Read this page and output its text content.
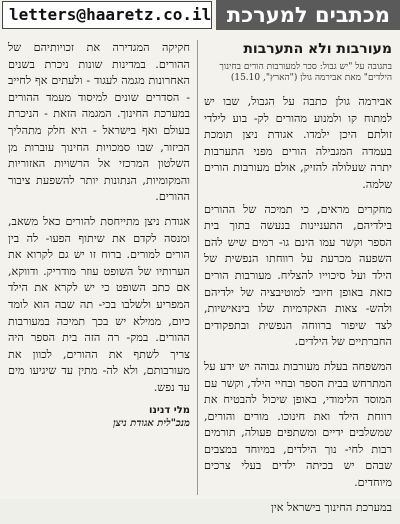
letters@haaretz.co.il מכתבים למערכת
מעורבות ולא התערבות
בתגובה על "יש גבול: סכר למעורבות הורים בחינוך הילדים" מאת אבירמה גולן ("הארץ", 15.10)

אבירמה גולן כתבה על הגבול, שבו יש למתוח קו ולמנוע מהורים לק- בוע לילדי זולתם היכן ילמדו. אגודת ניצן תומכת בעמדה המגבילה הורים מפני התערבות יתרה שעלולה להזיק, אולם מעורבות הורים שלמה.

מחקרים מראים, כי תמיכה של ההורים בילדיהם, התעניינות בנעשה בתוך בית הספר וקשר עמו הינם גו- רמים שיש להם השפעה מכרעת על רווחתו הנפשית של הילד ועל סיכוייו להצליח. מעורבות הורים כזאת באופן חיובי למוטיבציה של ילדיהם ולהש- צאות האקדמיות שלו בינאישיות, לצד שיפור ברווחה הנפשית ובתפקודים החברתיים של הילדים.

המשפחה בעלת מעורבות גבוהה יש ידע על המתרחש בבית הספר ובחיי הילד, וקשר עם המוסד הלימודי, באופן שיכול להבטיח את רווחת הילד ואת חינוכו. מורים והורים, שמשלבים ידיים ומשתפים פעולה, תורמים רבות לחי- נוך הילדים, במיוחד במצבים שבהם יש בכיתה ילדים בעלי צרכים מיוחדים.

במערכת החינוך בישראל אין

חקיקה המגדירה את זכויותיהם של ההורים. במדינות שונות ניכרת בשנים האחרונות מגמה לעגוד - ולעתים אף לחייב - הסדרים שונים למיסוד מעמד ההורים במערכת החינוך. המגמה הזאת - הניכרת בעולם ואף בישראל - היא חלק מתהליך הביזור, שבו סמכויות החינוך עוברות מן השלטון המרכזי אל הרשויות האזוריות והמקומיות, הנתונות יותר להשפעת ציבור ההורים.

אגודת ניצן מתייחסת להורים כאל משאב, ומנסה לקדם את שיתוף הפעו- לה בין הורים למורים. ברוח זו יש גם לקרוא את הערותיו של השופט עוזר מודריק. ודווקא, אם כתב השופט כי יש לקרא את הילד המפריע ולשלבו בכי- תה שבה הוא לומד כיום, ממילא יש בכך תמיכה במעורבות ההורים. במק- רה הזה בית הספר היה צריך לשתף את ההורים, לכוון את מעורבותם, ולא לה- מתין עד שיגיעו מים עד נפש.

מלי דנינו
מנכ"לית אגודת ניצן
